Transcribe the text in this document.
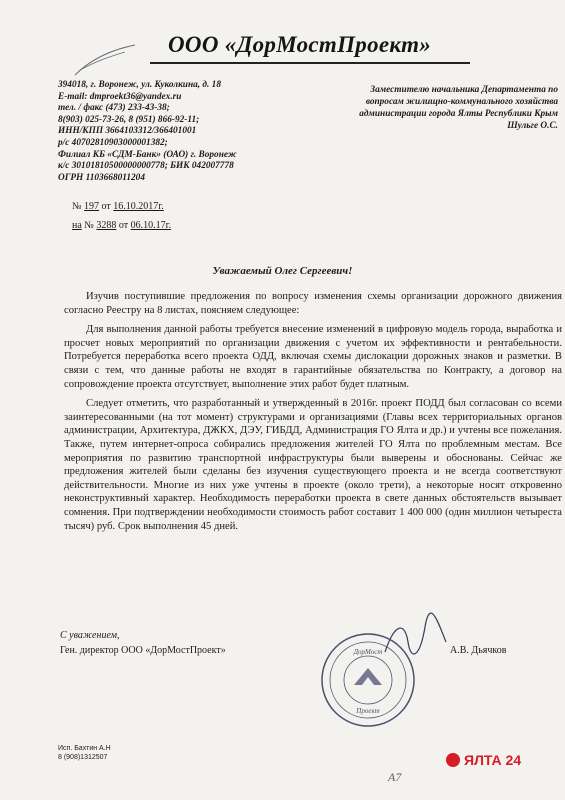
ООО «ДорМостПроект»
394018, г. Воронеж, ул. Куколкина, д. 18
E-mail: dmproekt36@yandex.ru
тел. / факс (473) 233-43-38;
8(903) 025-73-26, 8 (951) 866-92-11;
ИНН/КПП 3664103312/366401001
р/с 40702810903000001382;
Филиал КБ «СДМ-Банк» (ОАО) г. Воронеж
к/с 30101810500000000778; БИК 042007778
ОГРН 1103668011204
Заместителю начальника Департамента по
вопросам жилищно-коммунального хозяйства
администрации города Ялты Республики Крым
Шульге О.С.
№ 197 от 16.10.2017г.
на № 3288 от 06.10.17г.
Уважаемый Олег Сергеевич!

Изучив поступившие предложения по вопросу изменения схемы организации дорожного движения согласно Реестру на 8 листах, поясняем следующее:

Для выполнения данной работы требуется внесение изменений в цифровую модель города, выработка и просчет новых мероприятий по организации движения с учетом их эффективности и рентабельности. Потребуется переработка всего проекта ОДД, включая схемы дислокации дорожных знаков и разметки. В связи с тем, что данные работы не входят в гарантийные обязательства по Контракту, а договор на сопровождение проекта отсутствует, выполнение этих работ будет платным.

Следует отметить, что разработанный и утвержденный в 2016г. проект ПОДД был согласован со всеми заинтересованными (на тот момент) структурами и организациями (Главы всех территориальных органов администрации, Архитектура, ДЖКХ, ДЭУ, ГИБДД, Администрация ГО Ялта и др.) и учтены все пожелания. Также, путем интернет-опроса собирались предложения жителей ГО Ялта по проблемным местам. Все мероприятия по развитию транспортной инфраструктуры были выверены и обоснованы. Сейчас же предложения жителей были сделаны без изучения существующего проекта и не всегда соответствуют действительности. Многие из них уже учтены в проекте (около трети), а некоторые носят откровенно неконструктивный характер. Необходимость переработки проекта в свете данных обстоятельств вызывает сомнения. При подтверждении необходимости стоимость работ составит 1 400 000 (один миллион четыреста тысяч) руб. Срок выполнения 45 дней.

С уважением,
Ген. директор ООО «ДорМостПроект»	А.В. Дьячков
ДорМост
Проект
Исп. Бахтин А.Н
8 (908)1312507
А7
ЯЛТА 24
